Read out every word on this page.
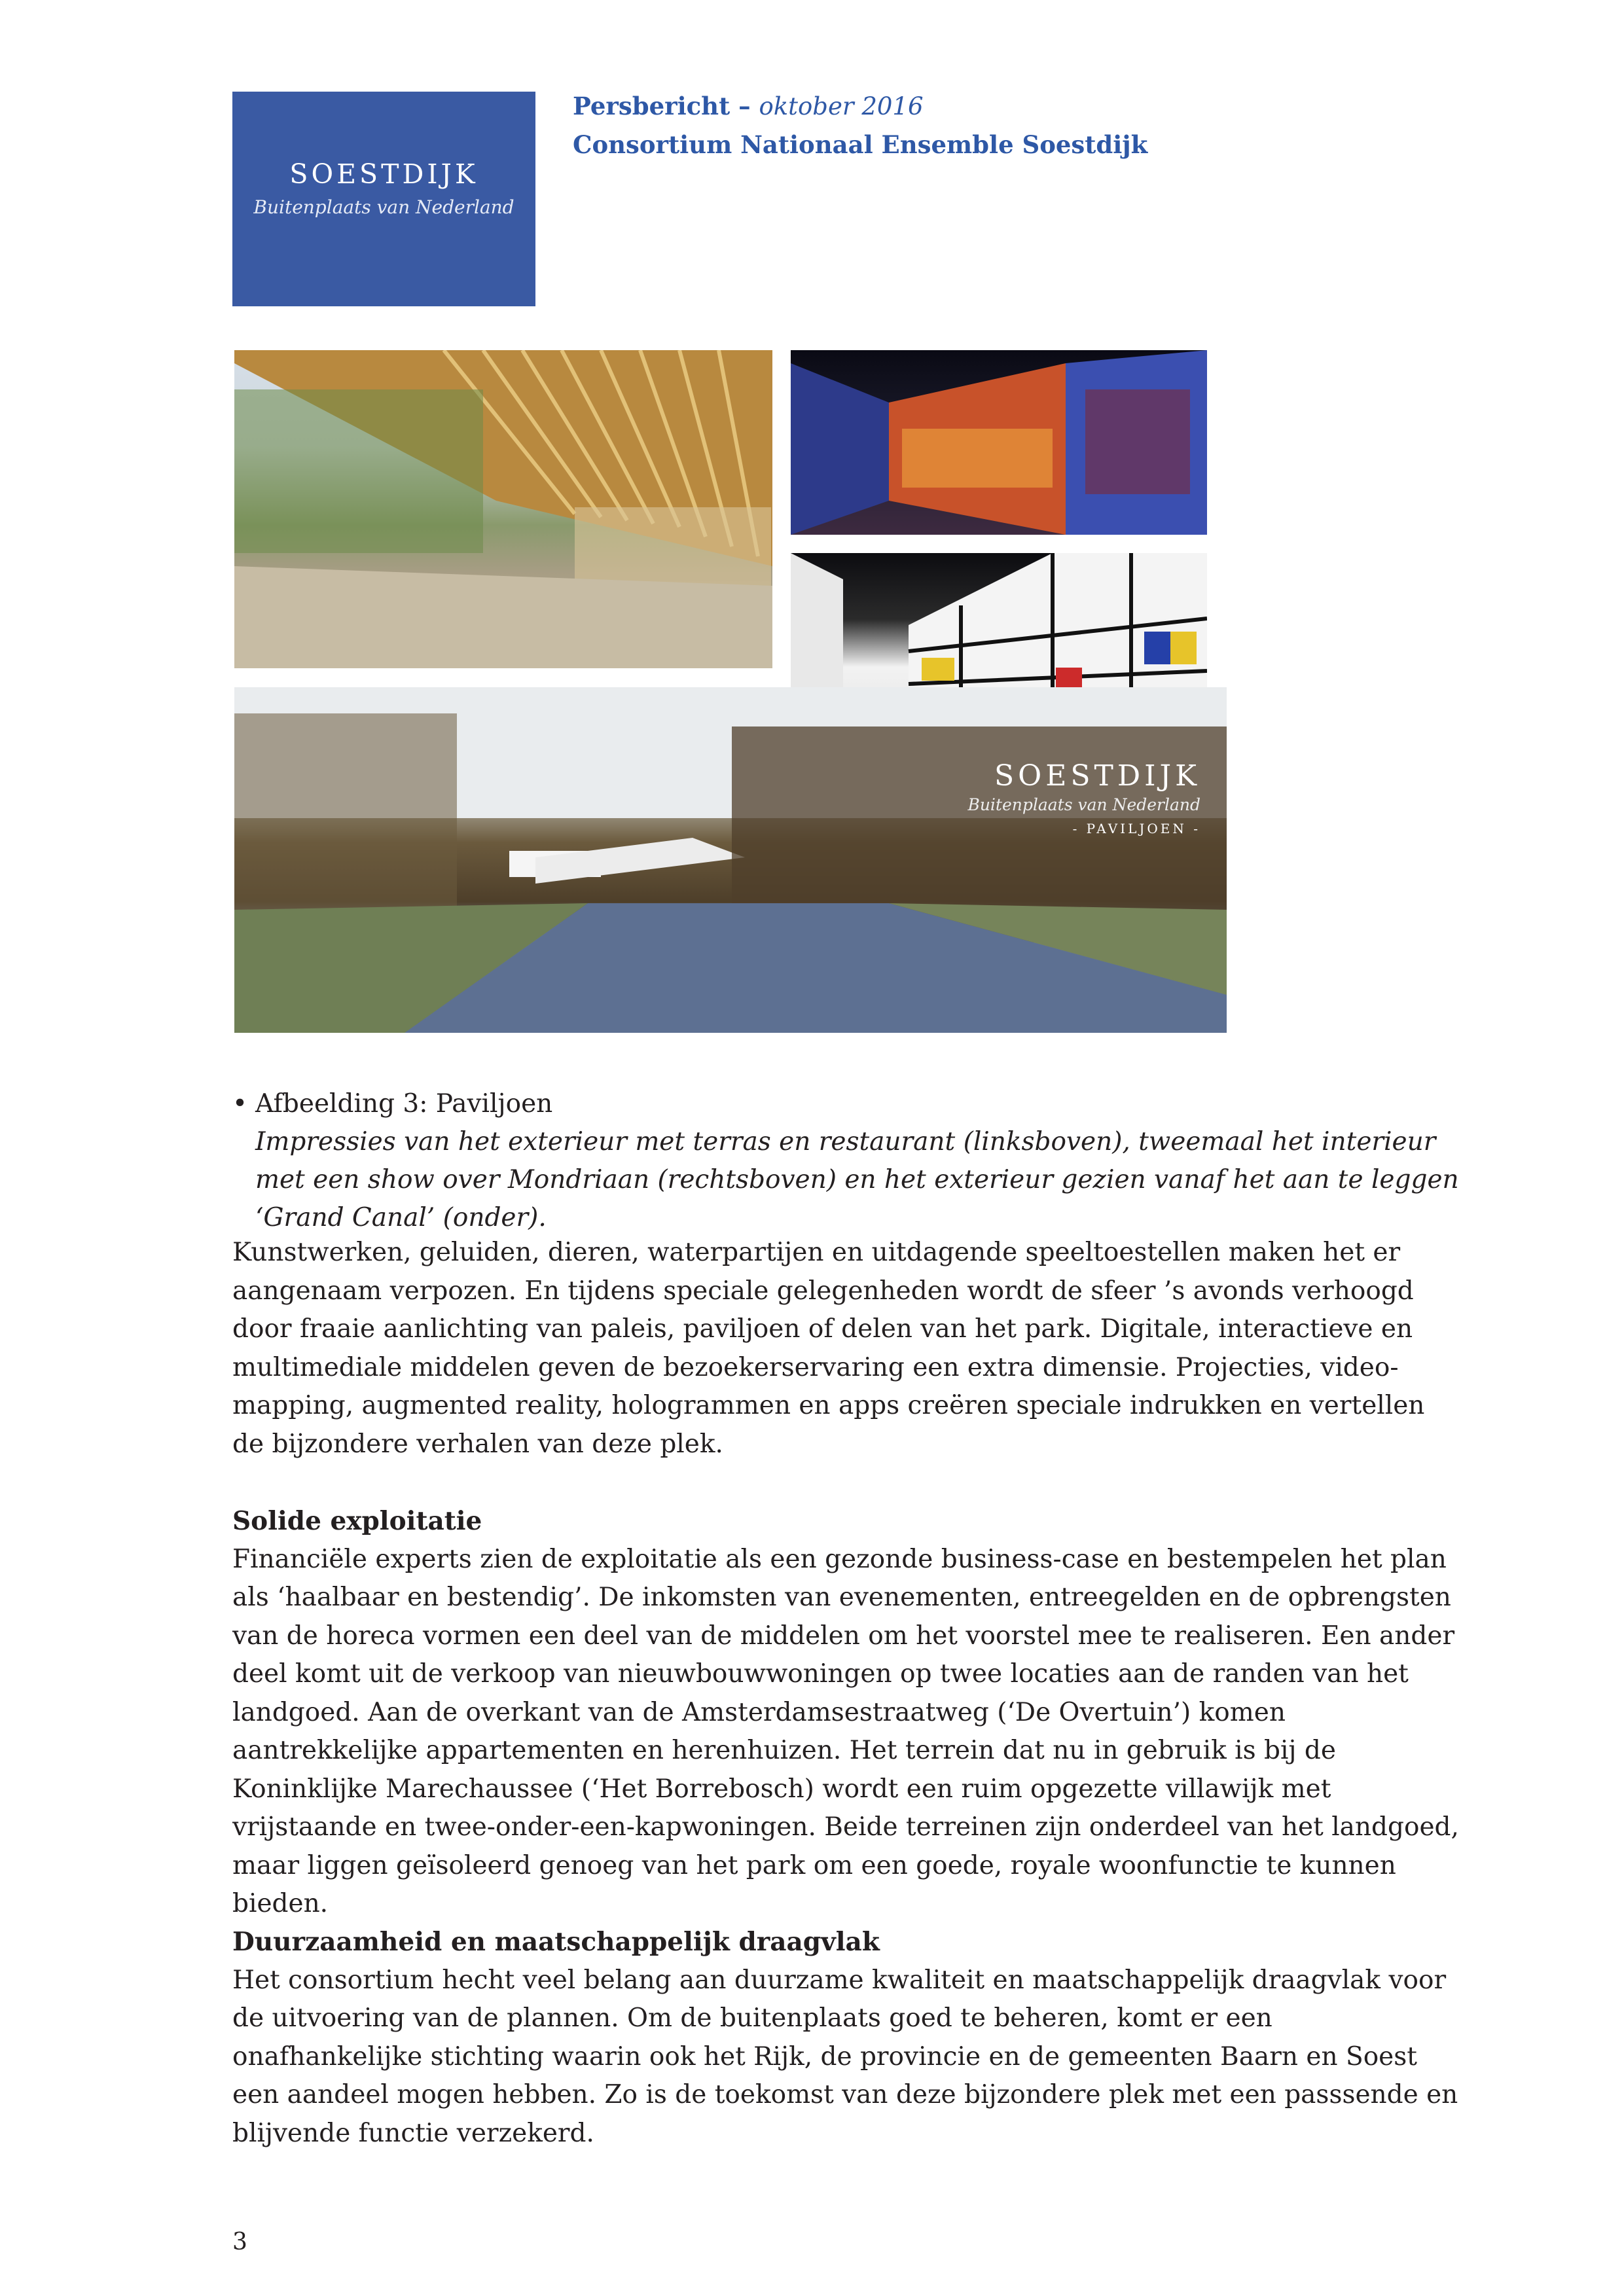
SOESTDIJK
Buitenplaats van Nederland
Persbericht – oktober 2016
Consortium Nationaal Ensemble Soestdijk
SOESTDIJK
Buitenplaats van Nederland
- PAVILJOEN -
• Afbeelding 3: Paviljoen
Impressies van het exterieur met terras en restaurant (linksboven), tweemaal het interieur met een show over Mondriaan (rechtsboven) en het exterieur gezien vanaf het aan te leggen ‘Grand Canal’ (onder).
Kunstwerken, geluiden, dieren, waterpartijen en uitdagende speeltoestellen maken het er aangenaam verpozen. En tijdens speciale gelegenheden wordt de sfeer ’s avonds verhoogd door fraaie aanlichting van paleis, paviljoen of delen van het park. Digitale, interactieve en multimediale middelen geven de bezoekerservaring een extra dimensie. Projecties, video-mapping, augmented reality, hologrammen en apps creëren speciale indrukken en vertellen de bijzondere verhalen van deze plek.
Solide exploitatie
Financiële experts zien de exploitatie als een gezonde business-case en bestempelen het plan als ‘haalbaar en bestendig’. De inkomsten van evenementen, entreegelden en de opbrengsten van de horeca vormen een deel van de middelen om het voorstel mee te realiseren. Een ander deel komt uit de verkoop van nieuwbouwwoningen op twee locaties aan de randen van het landgoed. Aan de overkant van de Amsterdamsestraatweg (‘De Overtuin’) komen aantrekkelijke appartementen en herenhuizen. Het terrein dat nu in gebruik is bij de Koninklijke Marechaussee (‘Het Borrebosch) wordt een ruim opgezette villawijk met vrijstaande en twee-onder-een-kapwoningen. Beide terreinen zijn onderdeel van het landgoed, maar liggen geïsoleerd genoeg van het park om een goede, royale woonfunctie te kunnen bieden.
Duurzaamheid en maatschappelijk draagvlak
Het consortium hecht veel belang aan duurzame kwaliteit en maatschappelijk draagvlak voor de uitvoering van de plannen. Om de buitenplaats goed te beheren, komt er een onafhankelijke stichting waarin ook het Rijk, de provincie en de gemeenten Baarn en Soest een aandeel mogen hebben. Zo is de toekomst van deze bijzondere plek met een passsende en blijvende functie verzekerd.
3
